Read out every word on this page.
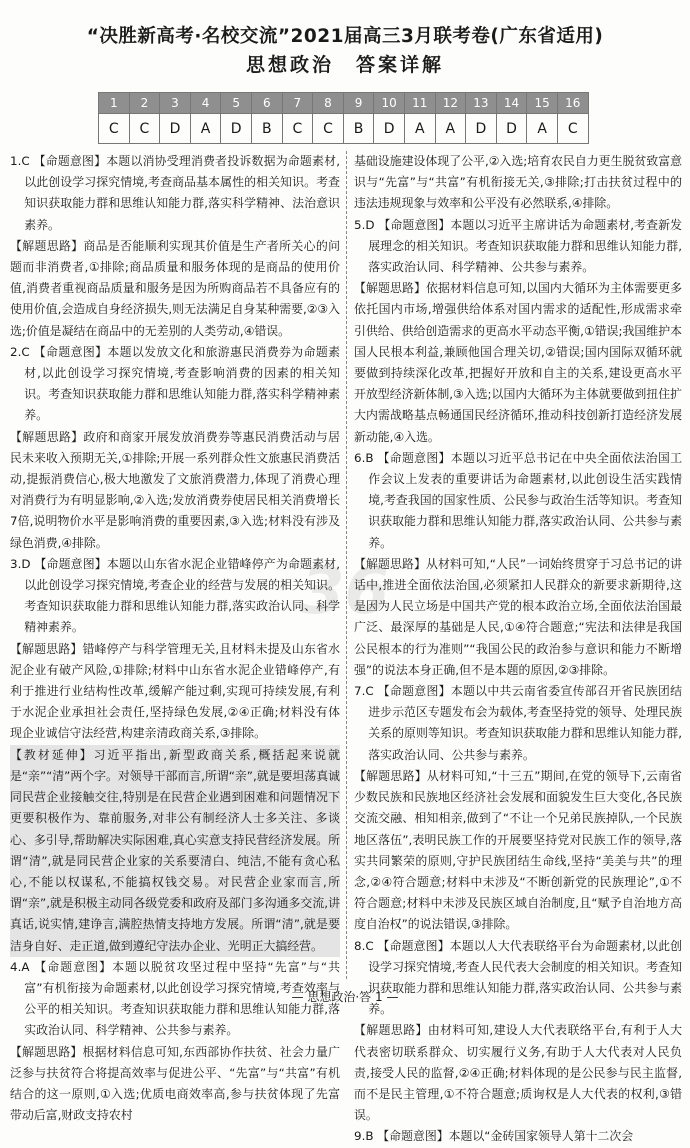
“决胜新高考·名校交流”2021届高三3月联考卷(广东省适用)
思想政治　答案详解
1	2	3	4	5	6	7	8	9	10	11	12	13	14	15	16
C	C	D	A	D	B	C	C	B	D	A	A	D	D	A	C
36

1.C 【命题意图】本题以消协受理消费者投诉数据为命题素材,以此创设学习探究情境,考查商品基本属性的相关知识。考查知识获取能力群和思维认知能力群,落实科学精神、法治意识素养。

【解题思路】商品是否能顺利实现其价值是生产者所关心的问题而非消费者,①排除;商品质量和服务体现的是商品的使用价值,消费者重视商品质量和服务是因为所购商品若不具备应有的使用价值,会造成自身经济损失,则无法满足自身某种需要,②③入选;价值是凝结在商品中的无差别的人类劳动,④错误。

2.C 【命题意图】本题以发放文化和旅游惠民消费券为命题素材,以此创设学习探究情境,考查影响消费的因素的相关知识。考查知识获取能力群和思维认知能力群,落实科学精神素养。

【解题思路】政府和商家开展发放消费券等惠民消费活动与居民未来收入预期无关,①排除;开展一系列群众性文旅惠民消费活动,提振消费信心,极大地激发了文旅消费潜力,体现了消费心理对消费行为有明显影响,②入选;发放消费券使居民相关消费增长7倍,说明物价水平是影响消费的重要因素,③入选;材料没有涉及绿色消费,④排除。

3.D 【命题意图】本题以山东省水泥企业错峰停产为命题素材,以此创设学习探究情境,考查企业的经营与发展的相关知识。考查知识获取能力群和思维认知能力群,落实政治认同、科学精神素养。

【解题思路】错峰停产与科学管理无关,且材料未提及山东省水泥企业有破产风险,①排除;材料中山东省水泥企业错峰停产,有利于推进行业结构性改革,缓解产能过剩,实现可持续发展,有利于水泥企业承担社会责任,坚持绿色发展,②④正确;材料没有体现企业诚信守法经营,构建亲清政商关系,③排除。

【教材延伸】习近平指出,新型政商关系,概括起来说就是“亲”“清”两个字。对领导干部而言,所谓“亲”,就是要坦荡真诚同民营企业接触交往,特别是在民营企业遇到困难和问题情况下更要积极作为、靠前服务,对非公有制经济人士多关注、多谈心、多引导,帮助解决实际困难,真心实意支持民营经济发展。所谓“清”,就是同民营企业家的关系要清白、纯洁,不能有贪心私心,不能以权谋私,不能搞权钱交易。对民营企业家而言,所谓“亲”,就是积极主动同各级党委和政府及部门多沟通多交流,讲真话,说实情,建诤言,满腔热情支持地方发展。所谓“清”,就是要洁身自好、走正道,做到遵纪守法办企业、光明正大搞经营。

4.A 【命题意图】本题以脱贫攻坚过程中坚持“先富”与“共富”有机衔接为命题素材,以此创设学习探究情境,考查效率与公平的相关知识。考查知识获取能力群和思维认知能力群,落实政治认同、科学精神、公共参与素养。

【解题思路】根据材料信息可知,东西部协作扶贫、社会力量广泛参与扶贫符合将提高效率与促进公平、“先富”与“共富”有机结合的这一原则,①入选;优质电商效率高,参与扶贫体现了先富带动后富,财政支持农村

基础设施建设体现了公平,②入选;培育农民自力更生脱贫致富意识与“先富”与“共富”有机衔接无关,③排除;打击扶贫过程中的违法违规现象与效率和公平没有必然联系,④排除。

5.D 【命题意图】本题以习近平主席讲话为命题素材,考查新发展理念的相关知识。考查知识获取能力群和思维认知能力群,落实政治认同、科学精神、公共参与素养。

【解题思路】依据材料信息可知,以国内大循环为主体需要更多依托国内市场,增强供给体系对国内需求的适配性,形成需求牵引供给、供给创造需求的更高水平动态平衡,①错误;我国维护本国人民根本利益,兼顾他国合理关切,②错误;国内国际双循环就要做到持续深化改革,把握好开放和自主的关系,建设更高水平开放型经济新体制,③入选;以国内大循环为主体就要做到扭住扩大内需战略基点畅通国民经济循环,推动科技创新打造经济发展新动能,④入选。

6.B 【命题意图】本题以习近平总书记在中央全面依法治国工作会议上发表的重要讲话为命题素材,以此创设生活实践情境,考查我国的国家性质、公民参与政治生活等知识。考查知识获取能力群和思维认知能力群,落实政治认同、公共参与素养。

【解题思路】从材料可知,“人民”一词始终贯穿于习总书记的讲话中,推进全面依法治国,必须紧扣人民群众的新要求新期待,这是因为人民立场是中国共产党的根本政治立场,全面依法治国最广泛、最深厚的基础是人民,①④符合题意;“宪法和法律是我国公民根本的行为准则”“我国公民的政治参与意识和能力不断增强”的说法本身正确,但不是本题的原因,②③排除。

7.C 【命题意图】本题以中共云南省委宣传部召开省民族团结进步示范区专题发布会为载体,考查坚持党的领导、处理民族关系的原则等知识。考查知识获取能力群和思维认知能力群,落实政治认同、公共参与素养。

【解题思路】从材料可知,“十三五”期间,在党的领导下,云南省少数民族和民族地区经济社会发展和面貌发生巨大变化,各民族交流交融、相知相亲,做到了“不让一个兄弟民族掉队,一个民族地区落伍”,表明民族工作的开展要坚持党对民族工作的领导,落实共同繁荣的原则,守护民族团结生命线,坚持“美美与共”的理念,②④符合题意;材料中未涉及“不断创新党的民族理论”,①不符合题意;材料中未涉及民族区域自治制度,且“赋予自治地方高度自治权”的说法错误,③排除。

8.C 【命题意图】本题以人大代表联络平台为命题素材,以此创设学习探究情境,考查人民代表大会制度的相关知识。考查知识获取能力群和思维认知能力群,落实政治认同、公共参与素养。

【解题思路】由材料可知,建设人大代表联络平台,有利于人大代表密切联系群众、切实履行义务,有助于人大代表对人民负责,接受人民的监督,②④正确;材料体现的是公民参与民主监督,而不是民主管理,①不符合题意;质询权是人大代表的权利,③错误。

9.B 【命题意图】本题以“金砖国家领导人第十二次会

— 思想政治·答 1 —
